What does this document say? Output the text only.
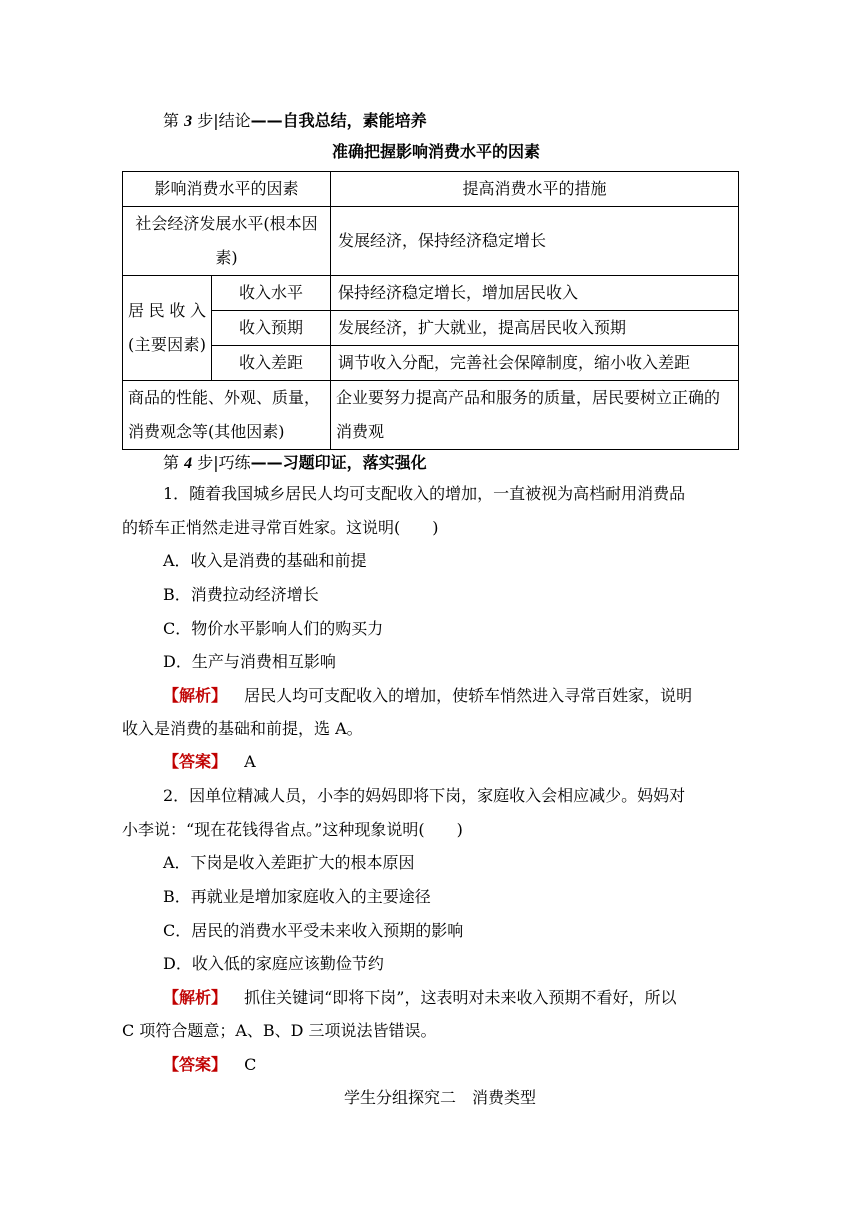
第 3 步|结论——自我总结，素能培养
准确把握影响消费水平的因素
影响消费水平的因素		提高消费水平的措施
社会经济发展水平(根本因素)		发展经济，保持经济稳定增长
居民收入(主要因素)	收入水平	保持经济稳定增长，增加居民收入
	收入预期	发展经济，扩大就业，提高居民收入预期
	收入差距	调节收入分配，完善社会保障制度，缩小收入差距
商品的性能、外观、质量，消费观念等(其他因素)		企业要努力提高产品和服务的质量，居民要树立正确的消费观
第 4 步|巧练——习题印证，落实强化
1．随着我国城乡居民人均可支配收入的增加，一直被视为高档耐用消费品
的轿车正悄然走进寻常百姓家。这说明(　　)
A．收入是消费的基础和前提
B．消费拉动经济增长
C．物价水平影响人们的购买力
D．生产与消费相互影响
【解析】 居民人均可支配收入的增加，使轿车悄然进入寻常百姓家，说明
收入是消费的基础和前提，选 A。
【答案】 A
2．因单位精减人员，小李的妈妈即将下岗，家庭收入会相应减少。妈妈对
小李说：“现在花钱得省点。”这种现象说明(　　)
A．下岗是收入差距扩大的根本原因
B．再就业是增加家庭收入的主要途径
C．居民的消费水平受未来收入预期的影响
D．收入低的家庭应该勤俭节约
【解析】 抓住关键词“即将下岗”，这表明对未来收入预期不看好，所以
C 项符合题意；A、B、D 三项说法皆错误。
【答案】 C
学生分组探究二　消费类型
